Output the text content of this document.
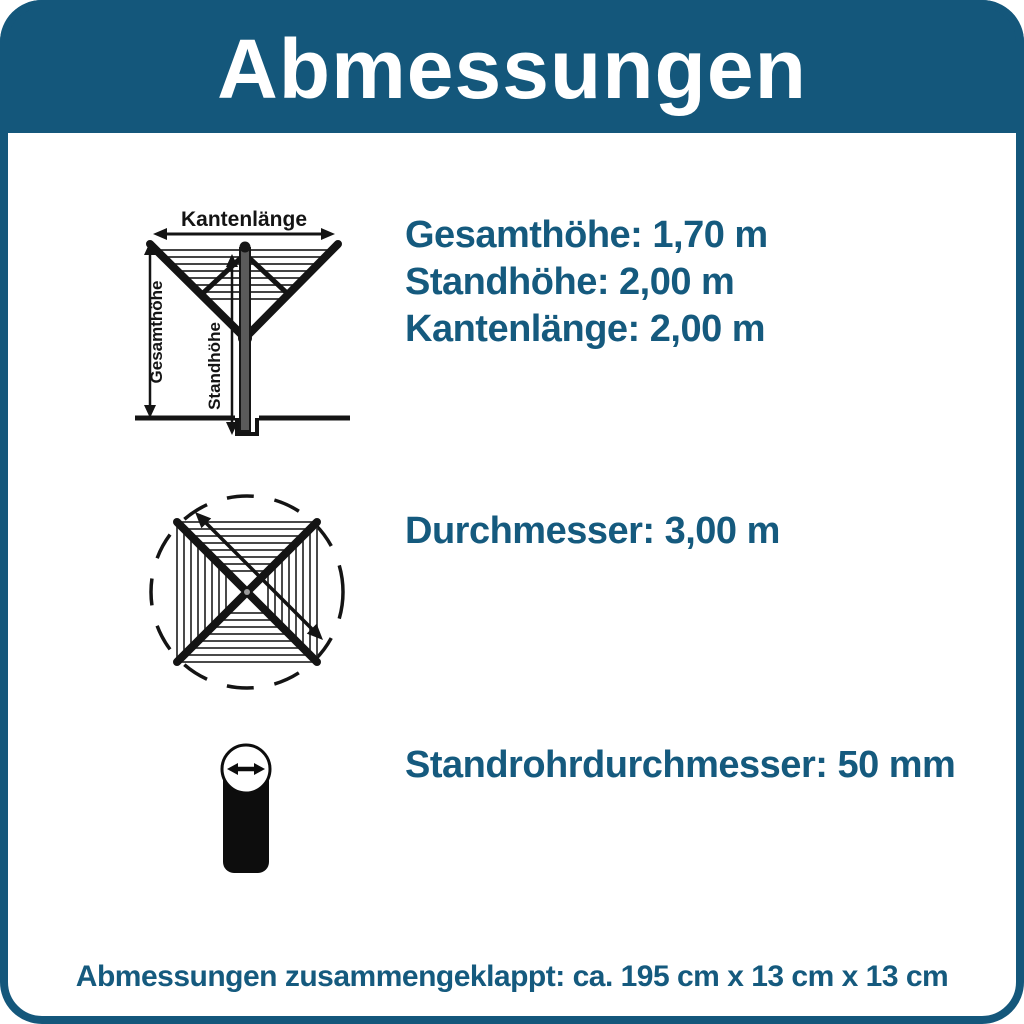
Abmessungen
Kantenlänge
Gesamthöhe Standhöhe
Gesamthöhe: 1,70 m
Standhöhe: 2,00 m
Kantenlänge: 2,00 m
Durchmesser: 3,00 m
Standrohrdurchmesser: 50 mm
Abmessungen zusammengeklappt: ca. 195 cm x 13 cm x 13 cm
